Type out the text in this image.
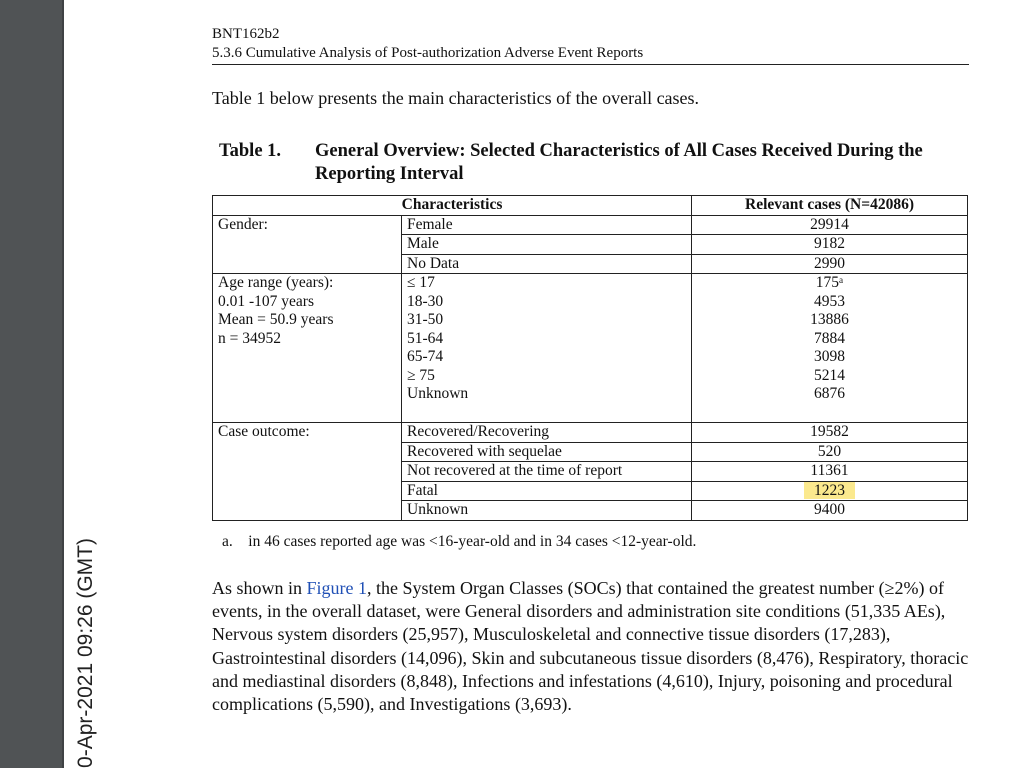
0-Apr-2021 09:26 (GMT)
BNT162b2
5.3.6 Cumulative Analysis of Post-authorization Adverse Event Reports
Table 1 below presents the main characteristics of the overall cases.
Table 1. General Overview: Selected Characteristics of All Cases Received During the Reporting Interval
Characteristics		Relevant cases (N=42086)
Gender:	Female	29914
	Male	9182
	No Data	2990

Age range (years):
0.01 -107 years
Mean = 50.9 years
n = 34952	≤ 17	175ᵃ
	18-30	4953
	31-50	13886
	51-64	7884
	65-74	3098
	≥ 75	5214
	Unknown	6876

Case outcome:	Recovered/Recovering	19582
	Recovered with sequelae	520
	Not recovered at the time of report	11361
	Fatal	1223
	Unknown	9400
a. in 46 cases reported age was <16-year-old and in 34 cases <12-year-old.
As shown in Figure 1, the System Organ Classes (SOCs) that contained the greatest number (≥2%) of events, in the overall dataset, were General disorders and administration site conditions (51,335 AEs), Nervous system disorders (25,957), Musculoskeletal and connective tissue disorders (17,283), Gastrointestinal disorders (14,096), Skin and subcutaneous tissue disorders (8,476), Respiratory, thoracic and mediastinal disorders (8,848), Infections and infestations (4,610), Injury, poisoning and procedural complications (5,590), and Investigations (3,693).
